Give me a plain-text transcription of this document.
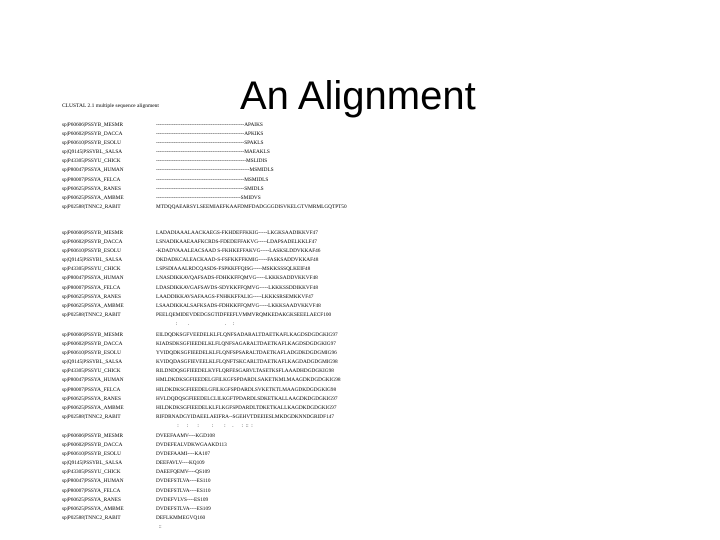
An Alignment
CLUSTAL 2.1 multiple sequence alignment
sp|P60606|PSSYB_MESMR	--------------------------------------------------APAIKS
sp|P60602|PSSYB_DACCA	--------------------------------------------------APKIKS
sp|P60610|PSSYB_ESOLU	--------------------------------------------------SPAKLS
sp|Q9145|PSSYBL_SALSA	--------------------------------------------------MAEAKLS
sp|P43305|PSSYU_CHICK	---------------------------------------------------MSLIDIS
sp|P80047|PSSYA_HUMAN	-----------------------------------------------------MSMIDLS
sp|P80007|PSSYA_FELCA	--------------------------------------------------MSMIDLS
sp|P60625|PSSYA_RANES	--------------------------------------------------SMIDLS
sp|P60625|PSSYA_AMBME	------------------------------------------------SMIDVS
sp|P02588|TNNC2_RABIT	MTDQQAEARSYLSEEMIAEFKAAFDMFDADGGGDISVKELGTVMRMLGQTPT50
sp|P60606|PSSYB_MESMR	LADADIAAALAACKAEGS-FKHDEFFKKIG-----LKGKSAADIKKVF47
sp|P60602|PSSYB_DACCA	LSNADIKAAEAAFKCRDS-FDEDEFFAKVG-----LDAPSADELKKLF47
sp|P60610|PSSYB_ESOLU	-KDADVAAALEACSAAD S-FKHKEFFAKVG-----LASKSLDDVKKAF46
sp|Q9145|PSSYBL_SALSA	DKDADKCALEACKAAD-S-FSFKKFFKMIG-----FASKSADDVKKAF48
sp|P43305|PSSYU_CHICK	LSPSDIAAALRDCQASDS-FSPKKFFQISG-----MSKKSSSQLKEIF48
sp|P80047|PSSYA_HUMAN	LNASDIKKAVQAFSADS-FDHKKFFQMVG-----LKKKSADDVKKVF48
sp|P80007|PSSYA_FELCA	LDASDIKKAVGAFSAVDS-SDYKKFFQMVG-----LKKKSSDDIKKVF48
sp|P60625|PSSYA_RANES	LAADDIKKAVSAFAAGS-FNHKKFFALIG-----LKKKSRSEMKKVF47
sp|P60625|PSSYA_AMBME	LSAADIKKALSAFKSADS-FDHKKFFQMVG-----LKKKSAADVKKVF48
sp|P02588|TNNC2_RABIT	PEELQEMIDEVDEDGSGTIDFEEFLVMMVRQMKEDAKGKSEEELAECF100
:        .                           .     :
sp|P60606|PSSYB_MESMR	EILDQDKSGFVEEDELKLFLQNFSADARALTDAETKAFLKAGDSDGDGKIG97
sp|P60602|PSSYB_DACCA	KIADSDKSGFIEEDELKLFLQNFSAGARALTDAETKAFLKAGDSDGDGKIG97
sp|P60610|PSSYB_ESOLU	YVIDQDKSGFIEEDELKLFLQNFSPSARALTDAETKAFLADGDKDGDGMIG96
sp|Q9145|PSSYBL_SALSA	KVIDQDASGFIEVEELKLFLQNFTSKCARLTDAETKAFLKAGDADGDGMIG98
sp|P43305|PSSYU_CHICK	RILDNDQSGFIEEDELKYFLQRFESGARVLTASETKSFLAAADHDGDGKIG98
sp|P80047|PSSYA_HUMAN	HMLDKDKSGFIEEDELGFILKGFSPDARDLSAKETKMLMAAGDKDGDGKIG98
sp|P80007|PSSYA_FELCA	HILDKDKSGFIEEDELGFILKGFSPDARDLSVKETKTLMAAGDKDGDGKIG98
sp|P60625|PSSYA_RANES	HVLDQDQSGFIEEDELCLILKGFTPDARDLSDKETKALLAAGDKDGDGKIG97
sp|P60625|PSSYA_AMBME	HILDKDKSGFIEEDELKLFLKGFSPDARDLTDKETKALLKAGDKDGDGKIG97
sp|P02588|TNNC2_RABIT	RIFDRNADGYIDAEELAEIFRA--SGEHVTDEEIESLMKDGDKNNDGRIDF147
:      :       :          :        :     .      :  ::  :
sp|P60606|PSSYB_MESMR	DVEEFAAMV----KGD108
sp|P60602|PSSYB_DACCA	DVDEFEALVDKWGAAKD113
sp|P60610|PSSYB_ESOLU	DVDEFAAMI----KA107
sp|Q9145|PSSYBL_SALSA	DEEFAVLV----KQ109
sp|P43305|PSSYU_CHICK	DAEEFQEMV----QS109
sp|P80047|PSSYA_HUMAN	DVDEFSTLVA----ES110
sp|P80007|PSSYA_FELCA	DVDEFSTLVA----ES110
sp|P60625|PSSYA_RANES	DVDEFVLVS----ES109
sp|P60625|PSSYA_AMBME	DVDEFSTLVA----ES109
sp|P02588|TNNC2_RABIT	DEFLKMMEGVQ160
::
